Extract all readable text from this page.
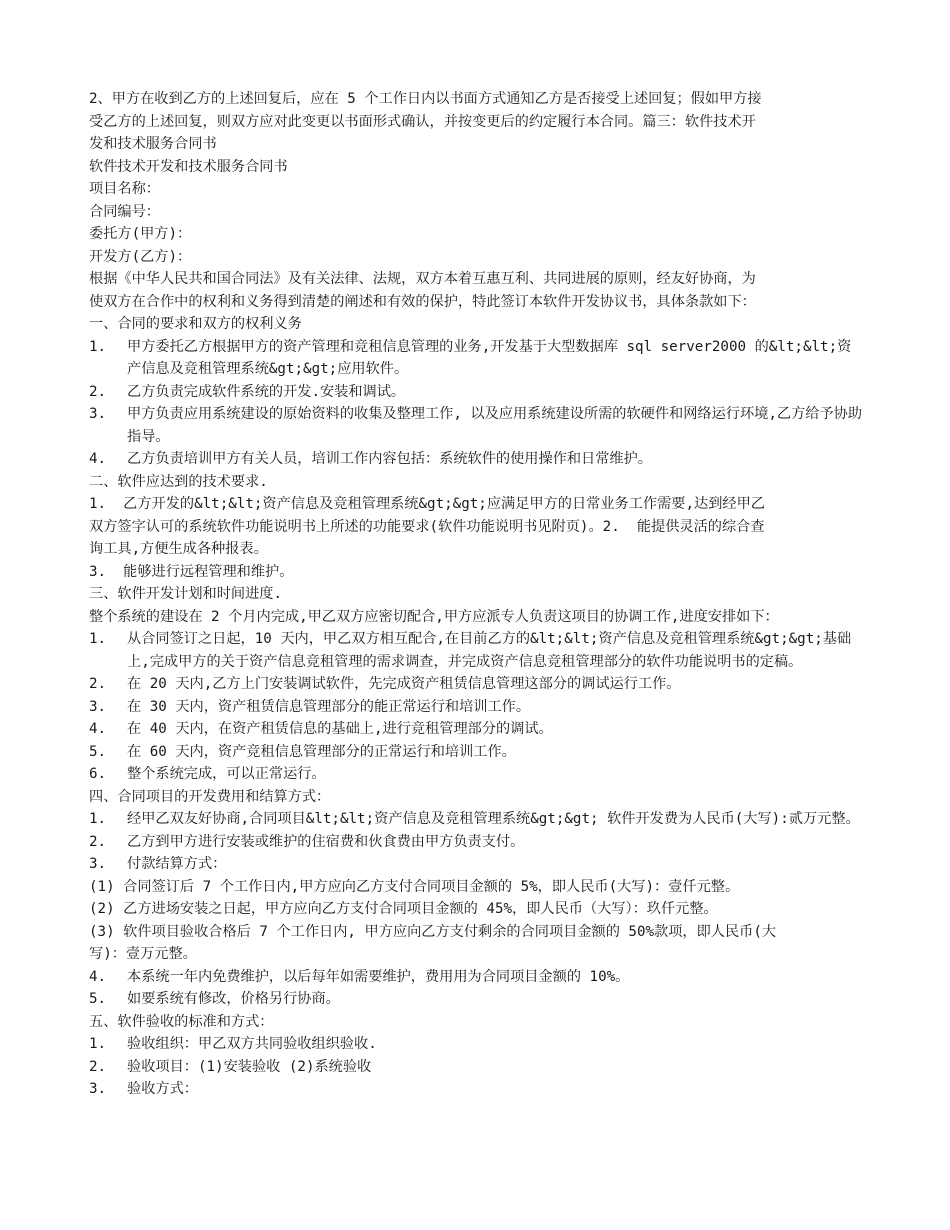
2、甲方在收到乙方的上述回复后，应在 5 个工作日内以书面方式通知乙方是否接受上述回复；假如甲方接
受乙方的上述回复，则双方应对此变更以书面形式确认，并按变更后的约定履行本合同。篇三：软件技术开
发和技术服务合同书
软件技术开发和技术服务合同书
项目名称：
合同编号：
委托方(甲方)：
开发方(乙方)：
根据《中华人民共和国合同法》及有关法律、法规，双方本着互惠互利、共同进展的原则，经友好协商，为
使双方在合作中的权利和义务得到清楚的阐述和有效的保护，特此签订本软件开发协议书，具体条款如下：
一、合同的要求和双方的权利义务
1.	甲方委托乙方根据甲方的资产管理和竞租信息管理的业务,开发基于大型数据库 sql server2000 的&lt;&lt;资产信息及竞租管理系统&gt;&gt;应用软件。
2.	乙方负责完成软件系统的开发.安装和调试。
3.	甲方负责应用系统建设的原始资料的收集及整理工作, 以及应用系统建设所需的软硬件和网络运行环境,乙方给予协助指导。
4.	乙方负责培训甲方有关人员，培训工作内容包括：系统软件的使用操作和日常维护。
二、软件应达到的技术要求.
1.  乙方开发的&lt;&lt;资产信息及竞租管理系统&gt;&gt;应满足甲方的日常业务工作需要,达到经甲乙
双方签字认可的系统软件功能说明书上所述的功能要求(软件功能说明书见附页)。2.  能提供灵活的综合查
询工具,方便生成各种报表。
3.  能够进行远程管理和维护。
三、软件开发计划和时间进度.
整个系统的建设在 2 个月内完成,甲乙双方应密切配合,甲方应派专人负责这项目的协调工作,进度安排如下：
1.	从合同签订之日起，10 天内，甲乙双方相互配合,在目前乙方的&lt;&lt;资产信息及竞租管理系统&gt;&gt;基础上,完成甲方的关于资产信息竞租管理的需求调查，并完成资产信息竞租管理部分的软件功能说明书的定稿。
2.	在 20 天内,乙方上门安装调试软件，先完成资产租赁信息管理这部分的调试运行工作。
3.	在 30 天内，资产租赁信息管理部分的能正常运行和培训工作。
4.	在 40 天内，在资产租赁信息的基础上,进行竞租管理部分的调试。
5.	在 60 天内，资产竞租信息管理部分的正常运行和培训工作。
6.	整个系统完成，可以正常运行。
四、合同项目的开发费用和结算方式：
1.	经甲乙双友好协商,合同项目&lt;&lt;资产信息及竞租管理系统&gt;&gt; 软件开发费为人民币(大写):贰万元整。
2.	乙方到甲方进行安装或维护的住宿费和伙食费由甲方负责支付。
3.	付款结算方式：
(1) 合同签订后 7 个工作日内,甲方应向乙方支付合同项目金额的 5%，即人民币(大写)：壹仟元整。
(2) 乙方进场安装之日起，甲方应向乙方支付合同项目金额的 45%，即人民币（大写）：玖仟元整。
(3) 软件项目验收合格后 7 个工作日内, 甲方应向乙方支付剩余的合同项目金额的 50%款项，即人民币(大
写)：壹万元整。
4.	本系统一年内免费维护，以后每年如需要维护，费用用为合同项目金额的 10%。
5.	如要系统有修改，价格另行协商。
五、软件验收的标准和方式：
1.	验收组织：甲乙双方共同验收组织验收.
2.	验收项目：(1)安装验收 (2)系统验收
3.	验收方式：
